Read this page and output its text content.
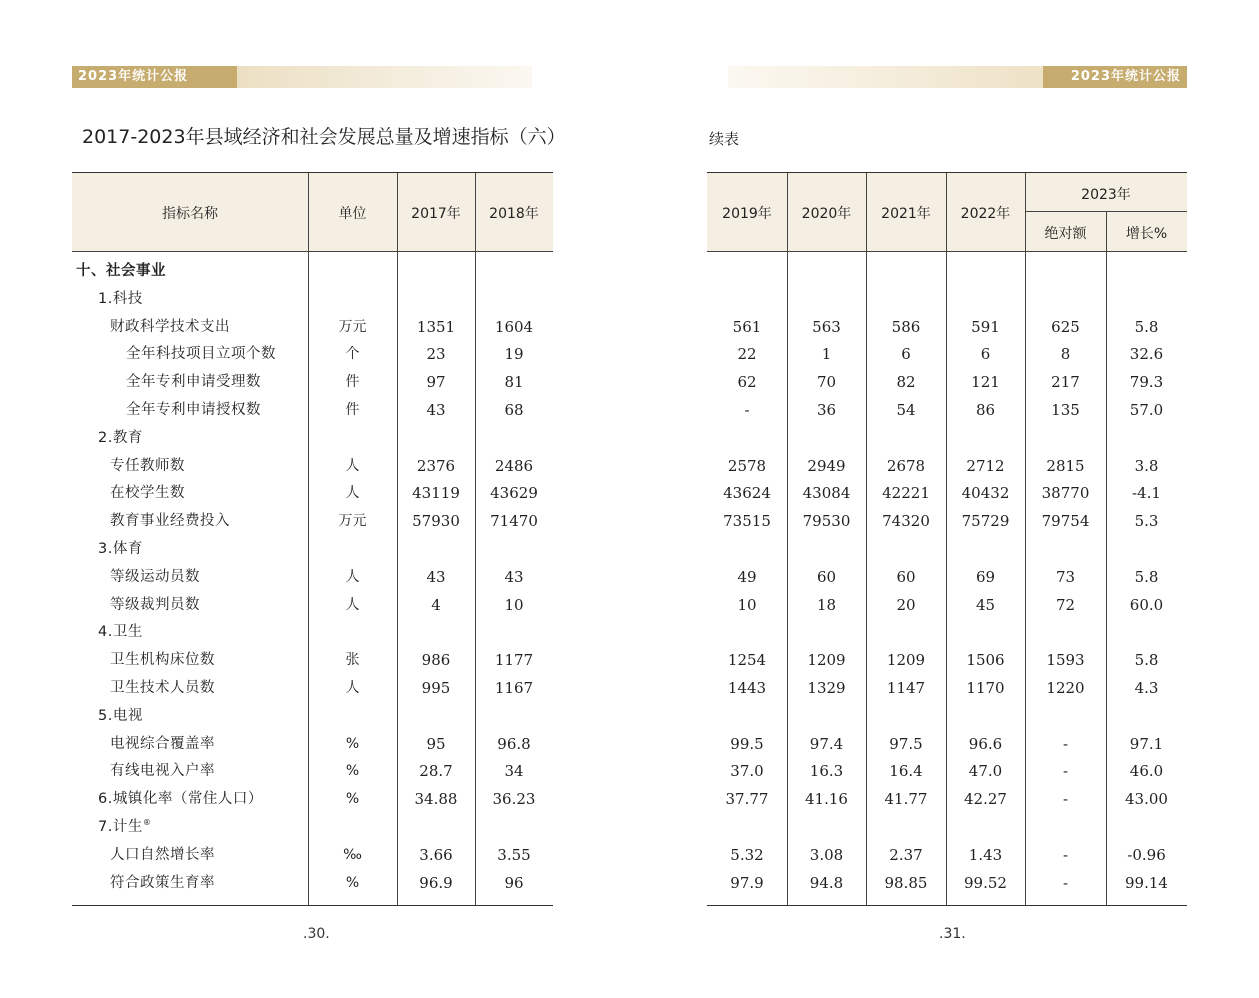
2023年统计公报	2023年统计公报
2017-2023年县域经济和社会发展总量及增速指标（六）	续表
指标名称	单位	2017年	2018年
十、社会事业
1.科技
财政科学技术支出	万元	1351	1604
全年科技项目立项个数	个	23	19
全年专利申请受理数	件	97	81
全年专利申请授权数	件	43	68
2.教育
专任教师数	人	2376	2486
在校学生数	人	43119	43629
教育事业经费投入	万元	57930	71470
3.体育
等级运动员数	人	43	43
等级裁判员数	人	4	10
4.卫生
卫生机构床位数	张	986	1177
卫生技术人员数	人	995	1167
5.电视
电视综合覆盖率	%	95	96.8
有线电视入户率	%	28.7	34
6.城镇化率（常住人口）	%	34.88	36.23
7.计生®
人口自然增长率	‰	3.66	3.55
符合政策生育率	%	96.9	96
2019年	2020年	2021年	2022年
2023年
绝对额	增长%
561	563	586	591	625	5.8
22	1	6	6	8	32.6
62	70	82	121	217	79.3
-	36	54	86	135	57.0
2578	2949	2678	2712	2815	3.8
43624	43084	42221	40432	38770	-4.1
73515	79530	74320	75729	79754	5.3
49	60	60	69	73	5.8
10	18	20	45	72	60.0
1254	1209	1209	1506	1593	5.8
1443	1329	1147	1170	1220	4.3
99.5	97.4	97.5	96.6	-	97.1
37.0	16.3	16.4	47.0	-	46.0
37.77	41.16	41.77	42.27	-	43.00
5.32	3.08	2.37	1.43	-	-0.96
97.9	94.8	98.85	99.52	-	99.14
.30.	.31.
